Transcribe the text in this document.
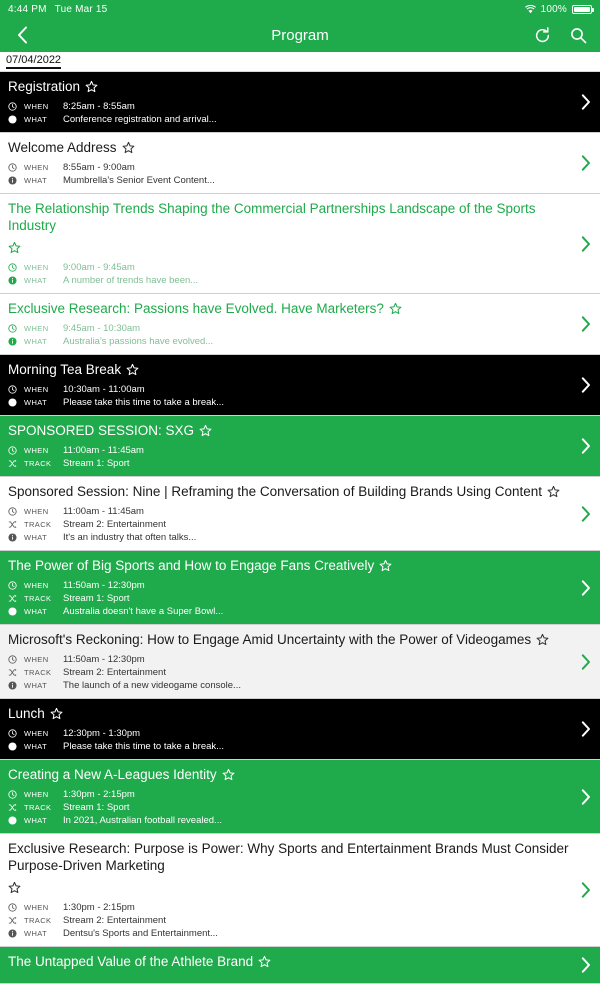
4:44 PM Tue Mar 15	100%
Program
07/04/2022
Registration
WHEN	8:25am - 8:55am
WHAT	Conference registration and arrival...
Welcome Address
WHEN	8:55am - 9:00am
WHAT	Mumbrella's Senior Event Content...
The Relationship Trends Shaping the Commercial Partnerships Landscape of the Sports Industry
WHEN	9:00am - 9:45am
WHAT	A number of trends have been...
Exclusive Research: Passions have Evolved. Have Marketers?
WHEN	9:45am - 10:30am
WHAT	Australia's passions have evolved...
Morning Tea Break
WHEN	10:30am - 11:00am
WHAT	Please take this time to take a break...
SPONSORED SESSION: SXG
WHEN	11:00am - 11:45am
TRACK	Stream 1: Sport
Sponsored Session: Nine | Reframing the Conversation of Building Brands Using Content
WHEN	11:00am - 11:45am
TRACK	Stream 2: Entertainment
WHAT	It's an industry that often talks...
The Power of Big Sports and How to Engage Fans Creatively
WHEN	11:50am - 12:30pm
TRACK	Stream 1: Sport
WHAT	Australia doesn't have a Super Bowl...
Microsoft's Reckoning: How to Engage Amid Uncertainty with the Power of Videogames
WHEN	11:50am - 12:30pm
TRACK	Stream 2: Entertainment
WHAT	The launch of a new videogame console...
Lunch
WHEN	12:30pm - 1:30pm
WHAT	Please take this time to take a break...
Creating a New A-Leagues Identity
WHEN	1:30pm - 2:15pm
TRACK	Stream 1: Sport
WHAT	In 2021, Australian football revealed...
Exclusive Research: Purpose is Power: Why Sports and Entertainment Brands Must Consider Purpose-Driven Marketing
WHEN	1:30pm - 2:15pm
TRACK	Stream 2: Entertainment
WHAT	Dentsu's Sports and Entertainment...
The Untapped Value of the Athlete Brand
